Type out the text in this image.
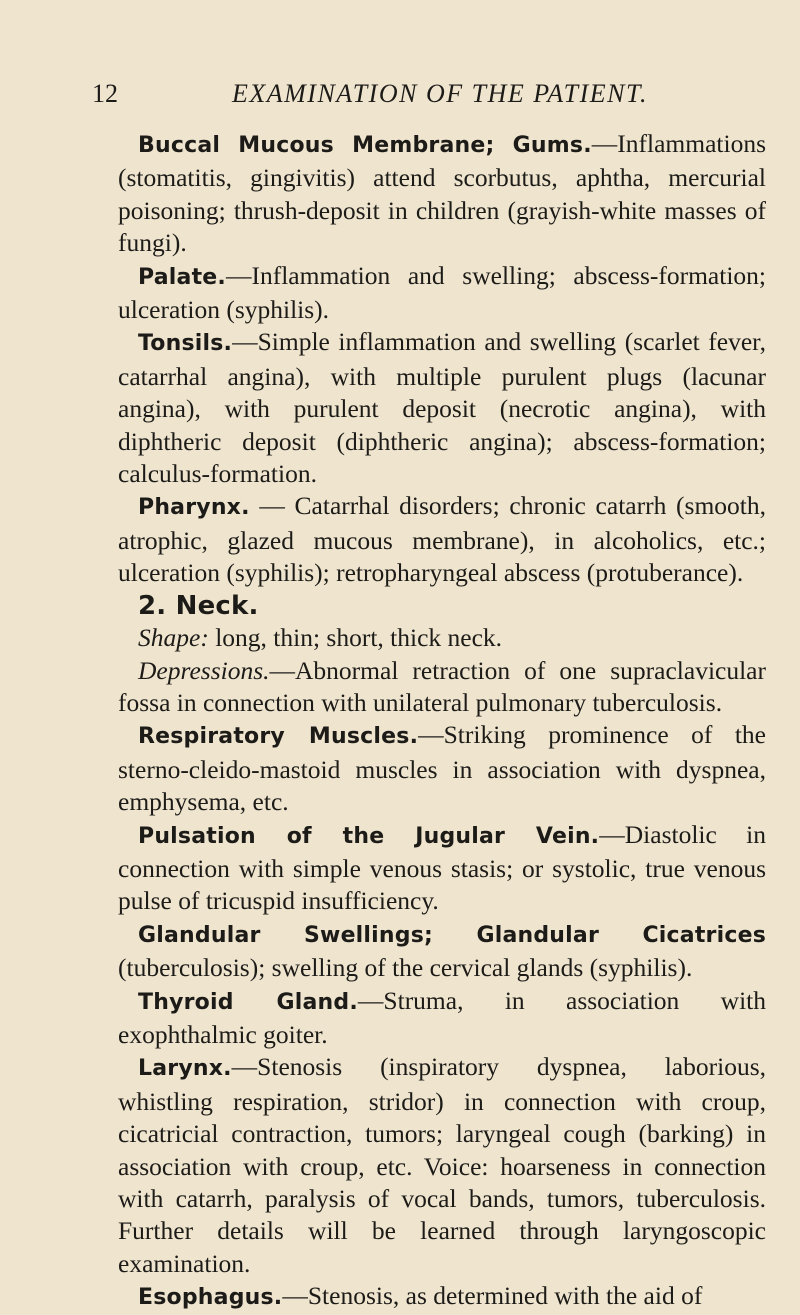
12	EXAMINATION OF THE PATIENT.

Buccal Mucous Membrane; Gums.—Inflammations (stomatitis, gingivitis) attend scorbutus, aphtha, mercurial poisoning; thrush-deposit in children (grayish-white masses of fungi).

Palate.—Inflammation and swelling; abscess-formation; ulceration (syphilis).

Tonsils.—Simple inflammation and swelling (scarlet fever, catarrhal angina), with multiple purulent plugs (lacunar angina), with purulent deposit (necrotic angina), with diphtheric deposit (diphtheric angina); abscess-formation; calculus-formation.

Pharynx. — Catarrhal disorders; chronic catarrh (smooth, atrophic, glazed mucous membrane), in alcoholics, etc.; ulceration (syphilis); retropharyngeal abscess (protuberance).

2. Neck.

Shape: long, thin; short, thick neck.

Depressions.—Abnormal retraction of one supraclavicular fossa in connection with unilateral pulmonary tuberculosis.

Respiratory Muscles.—Striking prominence of the sterno-cleido-mastoid muscles in association with dyspnea, emphysema, etc.

Pulsation of the Jugular Vein.—Diastolic in connection with simple venous stasis; or systolic, true venous pulse of tricuspid insufficiency.

Glandular Swellings; Glandular Cicatrices (tuberculosis); swelling of the cervical glands (syphilis).

Thyroid Gland.—Struma, in association with exophthalmic goiter.

Larynx.—Stenosis (inspiratory dyspnea, laborious, whistling respiration, stridor) in connection with croup, cicatricial contraction, tumors; laryngeal cough (barking) in association with croup, etc. Voice: hoarseness in connection with catarrh, paralysis of vocal bands, tumors, tuberculosis. Further details will be learned through laryngoscopic examination.

Esophagus.—Stenosis, as determined with the aid of
